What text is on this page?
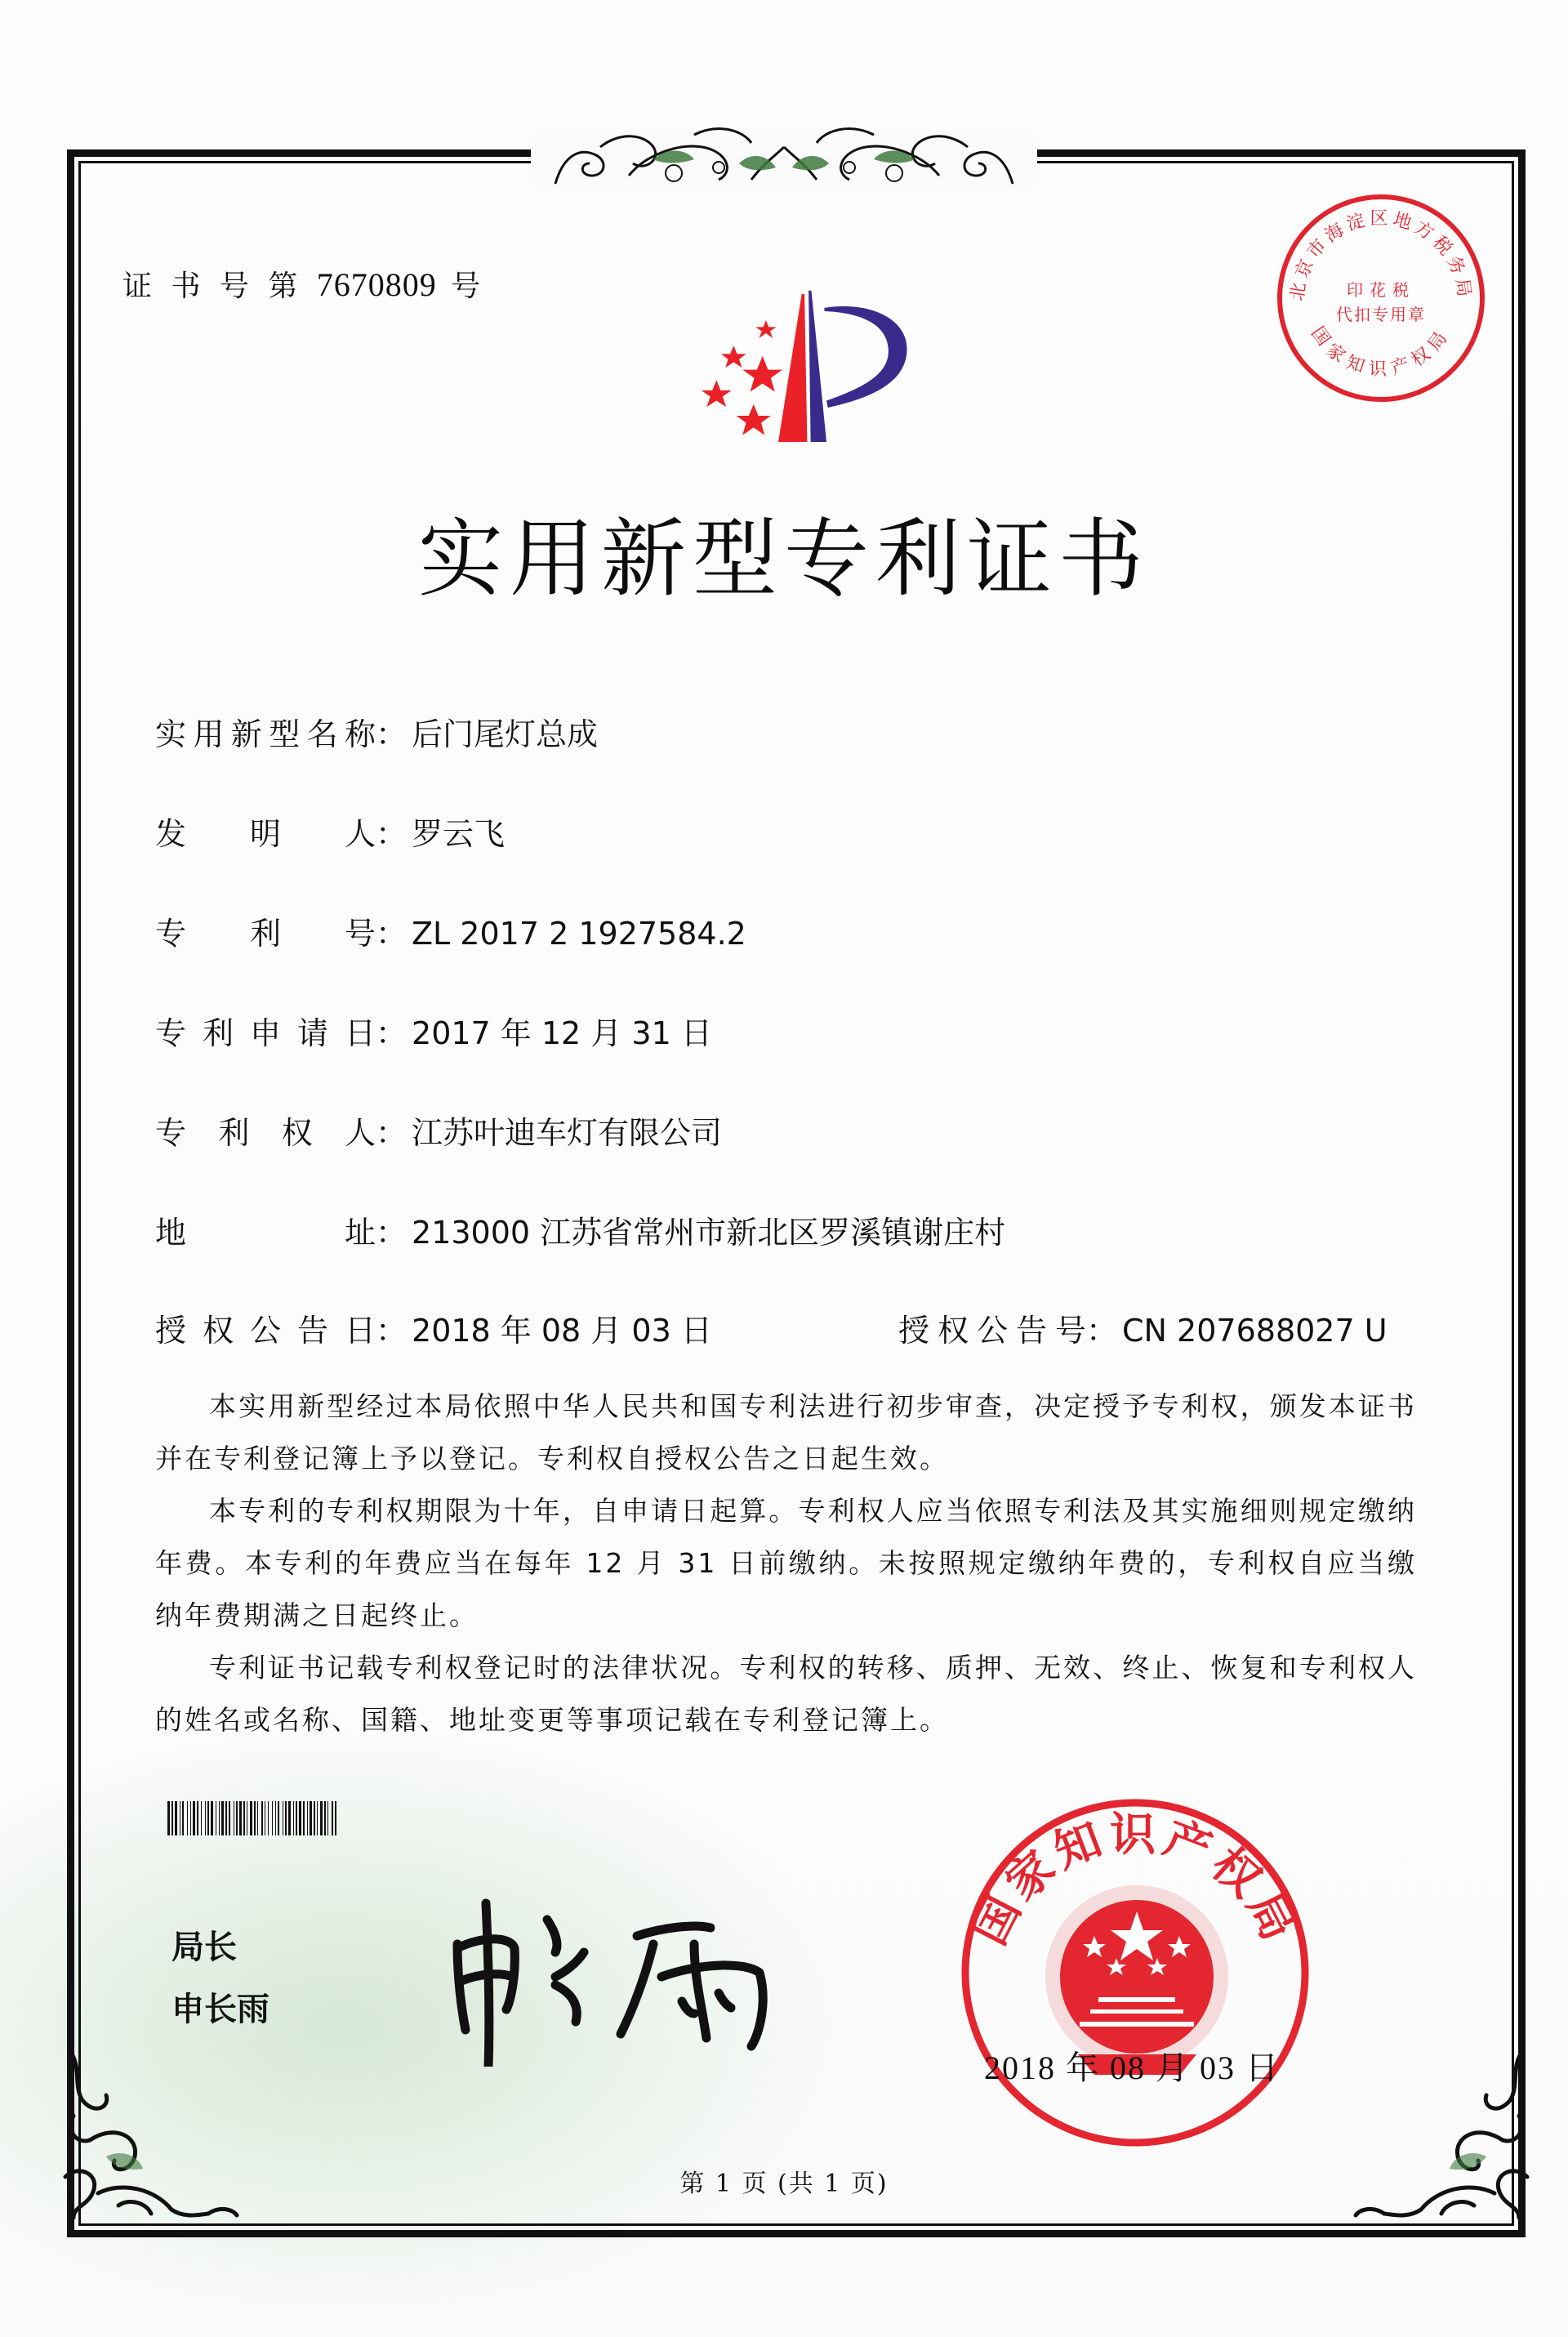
证 书 号 第 7670809 号	北京市海淀区地方税务局
国家知识产权局
印花税
代扣专用章
实用新型专利证书
实用新型名称 ： 后门尾灯总成
发明人 ： 罗云飞
专利号 ： ZL 2017 2 1927584.2
专利申请日 ： 2017 年 12 月 31 日
专利权人 ： 江苏叶迪车灯有限公司
地址 ： 213000 江苏省常州市新北区罗溪镇谢庄村
授权公告日 ： 2018 年 08 月 03 日	授权公告号 ： CN 207688027 U

本实用新型经过本局依照中华人民共和国专利法进行初步审查，决定授予专利权，颁发本证书并在专利登记簿上予以登记。专利权自授权公告之日起生效。

本专利的专利权期限为十年，自申请日起算。专利权人应当依照专利法及其实施细则规定缴纳年费。本专利的年费应当在每年 12 月 31 日前缴纳。未按照规定缴纳年费的，专利权自应当缴纳年费期满之日起终止。

专利证书记载专利权登记时的法律状况。专利权的转移、质押、无效、终止、恢复和专利权人的姓名或名称、国籍、地址变更等事项记载在专利登记簿上。

局长
申长雨
国家知识产权局
2018 年 08 月 03 日
第 1 页 (共 1 页)
